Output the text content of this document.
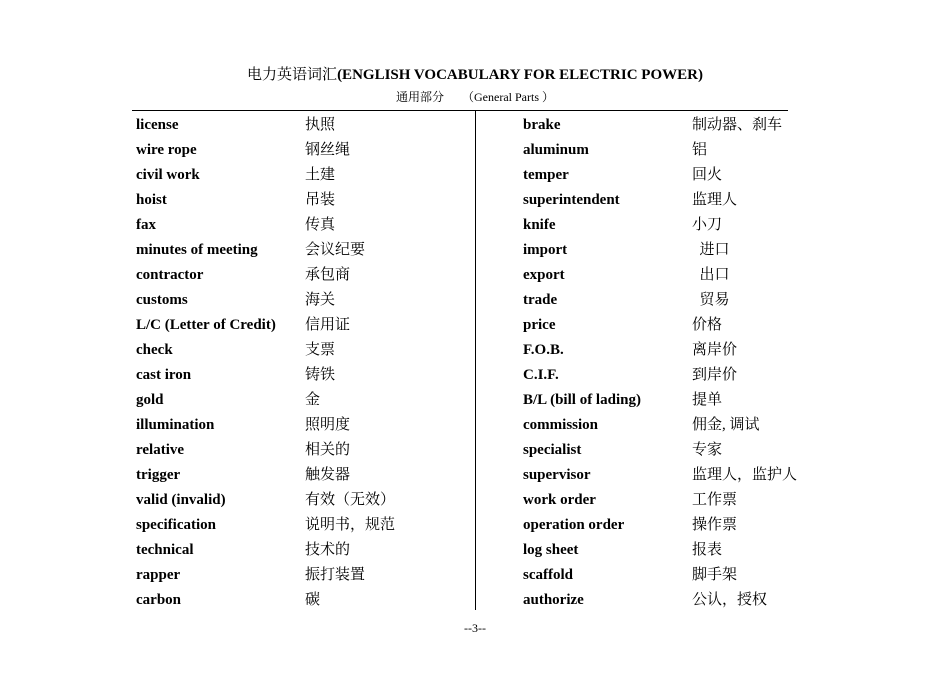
电力英语词汇(ENGLISH VOCABULARY FOR ELECTRIC POWER)
通用部分 （General Parts ）
license	执照
wire rope	钢丝绳
civil work	土建
hoist	吊装
fax	传真
minutes of meeting	会议纪要
contractor	承包商
customs	海关
L/C (Letter of Credit) 信用证
check	支票
cast iron	铸铁
gold	金
illumination	照明度
relative	相关的
trigger	触发器
valid (invalid)	有效（无效）
specification	说明书，规范
technical	技术的
rapper	振打装置
carbon	碳
brake	制动器、刹车
aluminum	铝
temper	回火
superintendent	监理人
knife	小刀
import	进口
export	出口
trade	贸易
price	价格
F.O.B.	离岸价
C.I.F.	到岸价
B/L (bill of lading)	提单
commission	佣金, 调试
specialist	专家
supervisor	监理人，监护人
work order	工作票
operation order	操作票
log sheet	报表
scaffold	脚手架
authorize	公认，授权
--3--
